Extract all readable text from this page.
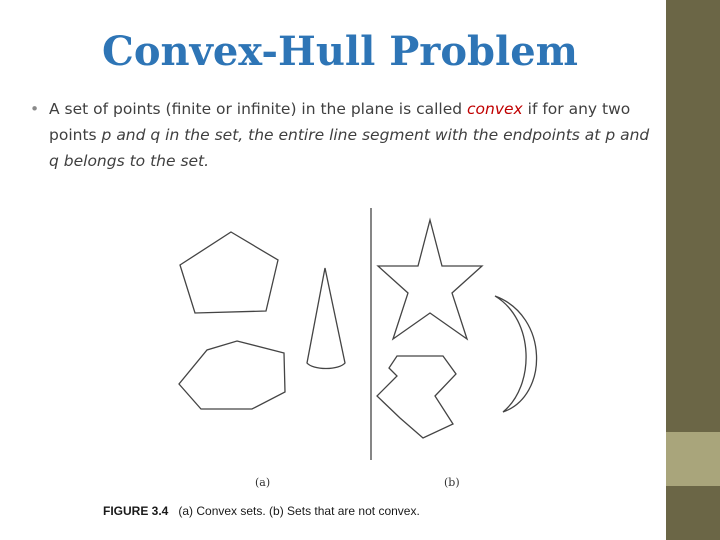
Convex-Hull Problem
• A set of points (finite or infinite) in the plane is called convex if for any two points p and q in the set, the entire line segment with the endpoints at p and q belongs to the set.
(a)	(b)
FIGURE 3.4 (a) Convex sets. (b) Sets that are not convex.
